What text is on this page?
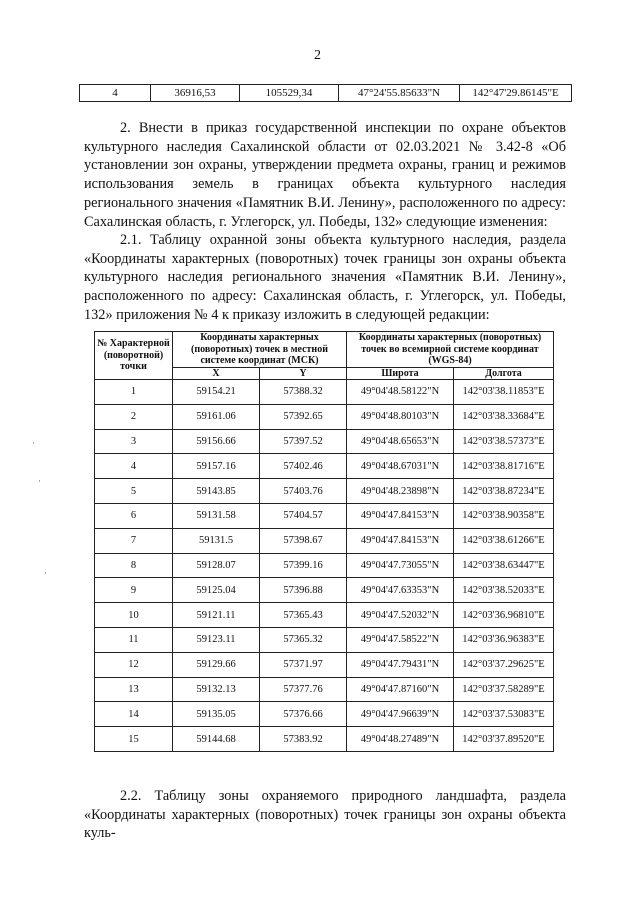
2
4	36916,53	105529,34	47°24'55.85633"N	142°47'29.86145"E

2. Внести в приказ государственной инспекции по охране объектов культурного наследия Сахалинской области от 02.03.2021 № 3.42-8 «Об установлении зон охраны, утверждении предмета охраны, границ и режимов использования земель в границах объекта культурного наследия регионального значения «Памятник В.И. Ленину», расположенного по адресу: Сахалинская область, г. Углегорск, ул. Победы, 132» следующие изменения:

2.1. Таблицу охранной зоны объекта культурного наследия, раздела «Координаты характерных (поворотных) точек границы зон охраны объекта культурного наследия регионального значения «Памятник В.И. Ленину», расположенного по адресу: Сахалинская область, г. Углегорск, ул. Победы, 132» приложения № 4 к приказу изложить в следующей редакции:

№ Характерной (поворотной) точки	Координаты характерных (поворотных) точек в местной системе координат (МСК)		Координаты характерных (поворотных) точек во всемирной системе координат (WGS-84)	
	X	Y	Широта	Долгота
1	59154.21	57388.32	49°04'48.58122"N	142°03'38.11853"E
2	59161.06	57392.65	49°04'48.80103"N	142°03'38.33684"E
3	59156.66	57397.52	49°04'48.65653"N	142°03'38.57373"E
4	59157.16	57402.46	49°04'48.67031"N	142°03'38.81716"E
5	59143.85	57403.76	49°04'48.23898"N	142°03'38.87234"E
6	59131.58	57404.57	49°04'47.84153"N	142°03'38.90358"E
7	59131.5	57398.67	49°04'47.84153"N	142°03'38.61266"E
8	59128.07	57399.16	49°04'47.73055"N	142°03'38.63447"E
9	59125.04	57396.88	49°04'47.63353"N	142°03'38.52033"E
10	59121.11	57365.43	49°04'47.52032"N	142°03'36.96810"E
11	59123.11	57365.32	49°04'47.58522"N	142°03'36.96383"E
12	59129.66	57371.97	49°04'47.79431"N	142°03'37.29625"E
13	59132.13	57377.76	49°04'47.87160"N	142°03'37.58289"E
14	59135.05	57376.66	49°04'47.96639"N	142°03'37.53083"E
15	59144.68	57383.92	49°04'48.27489"N	142°03'37.89520"E

2.2. Таблицу зоны охраняемого природного ландшафта, раздела «Координаты характерных (поворотных) точек границы зон охраны объекта куль-

·
·
·
